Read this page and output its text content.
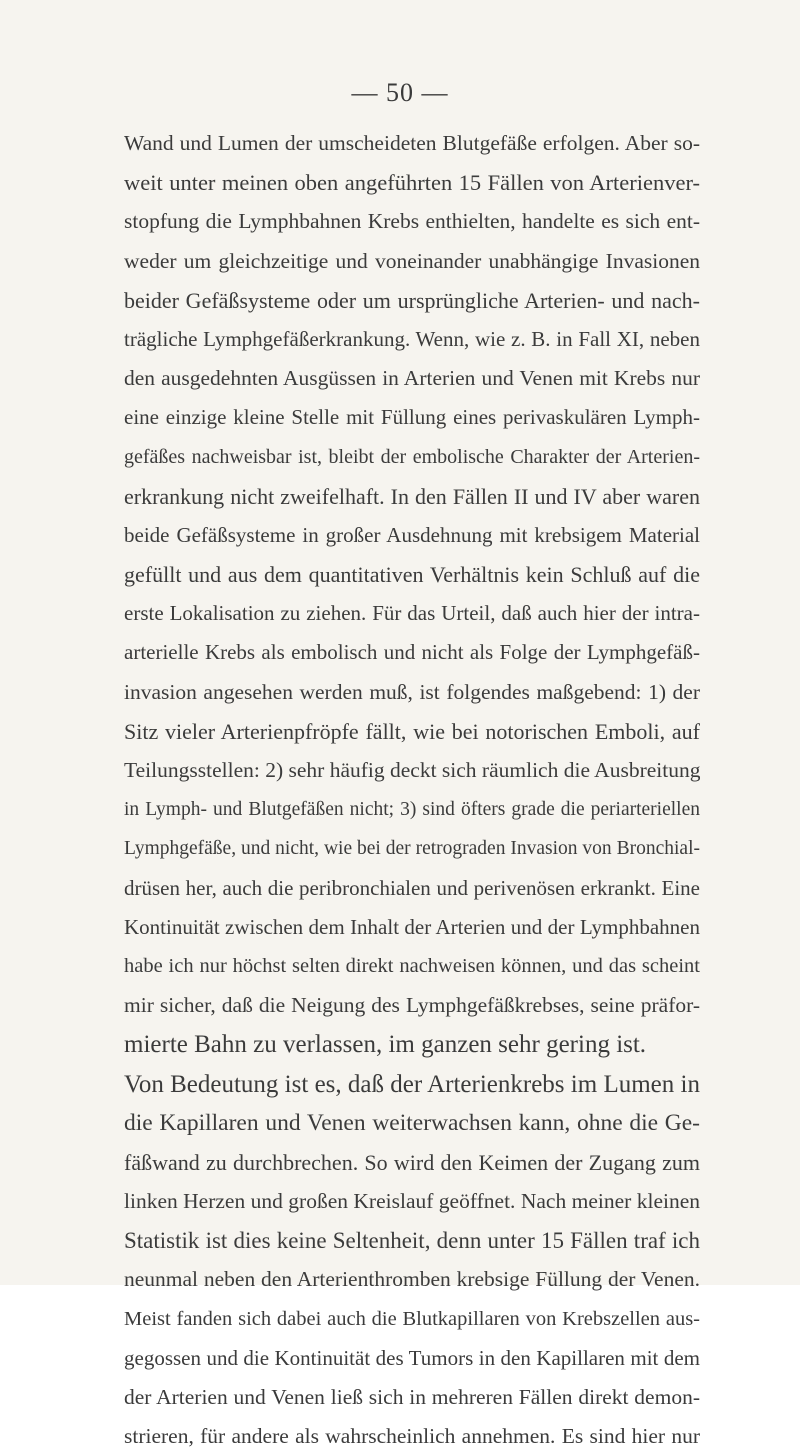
— 50 —
Wand und Lumen der umscheideten Blutgefäße erfolgen. Aber so-
weit unter meinen oben angeführten 15 Fällen von Arterienver-
stopfung die Lymphbahnen Krebs enthielten, handelte es sich ent-
weder um gleichzeitige und voneinander unabhängige Invasionen
beider Gefäßsysteme oder um ursprüngliche Arterien- und nach-
trägliche Lymphgefäßerkrankung. Wenn, wie z. B. in Fall XI, neben
den ausgedehnten Ausgüssen in Arterien und Venen mit Krebs nur
eine einzige kleine Stelle mit Füllung eines perivaskulären Lymph-
gefäßes nachweisbar ist, bleibt der embolische Charakter der Arterien-
erkrankung nicht zweifelhaft. In den Fällen II und IV aber waren
beide Gefäßsysteme in großer Ausdehnung mit krebsigem Material
gefüllt und aus dem quantitativen Verhältnis kein Schluß auf die
erste Lokalisation zu ziehen. Für das Urteil, daß auch hier der intra-
arterielle Krebs als embolisch und nicht als Folge der Lymphgefäß-
invasion angesehen werden muß, ist folgendes maßgebend: 1) der
Sitz vieler Arterienpfröpfe fällt, wie bei notorischen Emboli, auf
Teilungsstellen: 2) sehr häufig deckt sich räumlich die Ausbreitung
in Lymph- und Blutgefäßen nicht; 3) sind öfters grade die periarteriellen
Lymphgefäße, und nicht, wie bei der retrograden Invasion von Bronchial-
drüsen her, auch die peribronchialen und perivenösen erkrankt. Eine
Kontinuität zwischen dem Inhalt der Arterien und der Lymphbahnen
habe ich nur höchst selten direkt nachweisen können, und das scheint
mir sicher, daß die Neigung des Lymphgefäßkrebses, seine präfor-
mierte Bahn zu verlassen, im ganzen sehr gering ist.
Von Bedeutung ist es, daß der Arterienkrebs im Lumen in
die Kapillaren und Venen weiterwachsen kann, ohne die Ge-
fäßwand zu durchbrechen. So wird den Keimen der Zugang zum
linken Herzen und großen Kreislauf geöffnet. Nach meiner kleinen
Statistik ist dies keine Seltenheit, denn unter 15 Fällen traf ich
neunmal neben den Arterienthromben krebsige Füllung der Venen.
Meist fanden sich dabei auch die Blutkapillaren von Krebszellen aus-
gegossen und die Kontinuität des Tumors in den Kapillaren mit dem
der Arterien und Venen ließ sich in mehreren Fällen direkt demon-
strieren, für andere als wahrscheinlich annehmen. Es sind hier nur
